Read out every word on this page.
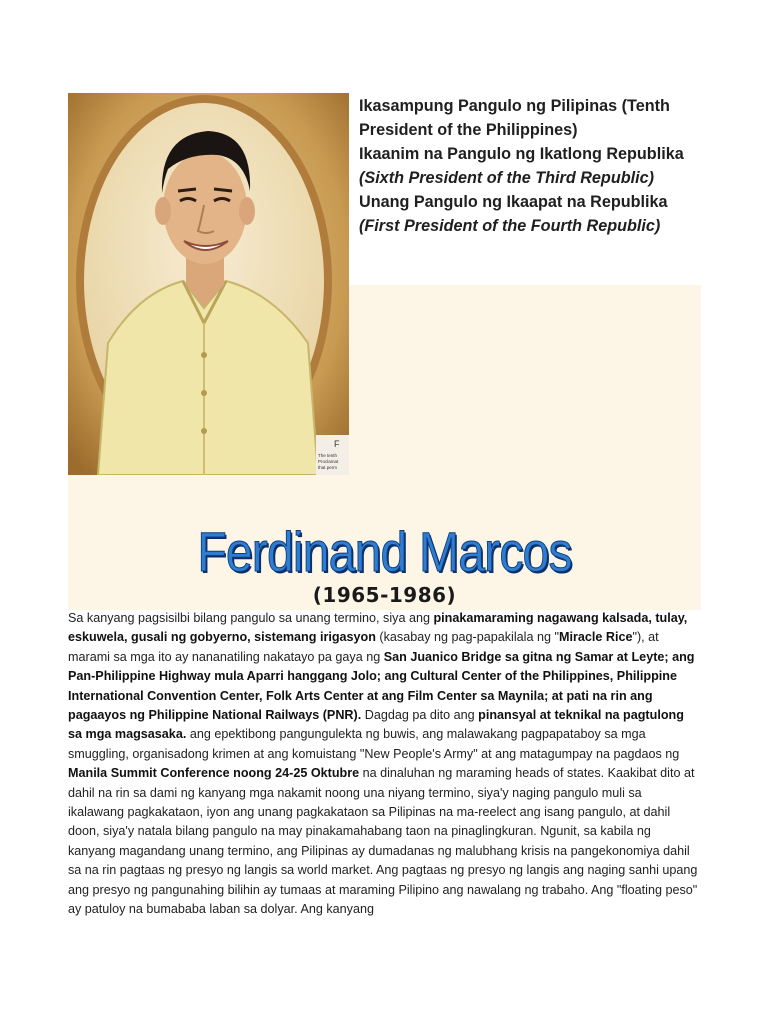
F
The tenth
Proclamat
that perm

Ikasampung Pangulo ng Pilipinas (Tenth President of the Philippines)

Ikaanim na Pangulo ng Ikatlong Republika (Sixth President of the Third Republic)

Unang Pangulo ng Ikaapat na Republika (First President of the Fourth Republic)

Ferdinand Marcos
(1965-1986)

Sa kanyang pagsisilbi bilang pangulo sa unang termino, siya ang pinakamaraming nagawang kalsada, tulay, eskuwela, gusali ng gobyerno, sistemang irigasyon (kasabay ng pag-papakilala ng "Miracle Rice"), at marami sa mga ito ay nananatiling nakatayo pa gaya ng San Juanico Bridge sa gitna ng Samar at Leyte; ang Pan-Philippine Highway mula Aparri hanggang Jolo; ang Cultural Center of the Philippines, Philippine International Convention Center, Folk Arts Center at ang Film Center sa Maynila; at pati na rin ang pagaayos ng Philippine National Railways (PNR). Dagdag pa dito ang pinansyal at teknikal na pagtulong sa mga magsasaka. ang epektibong pangungulekta ng buwis, ang malawakang pagpapataboy sa mga smuggling, organisadong krimen at ang komuistang "New People's Army" at ang matagumpay na pagdaos ng Manila Summit Conference noong 24-25 Oktubre na dinaluhan ng maraming heads of states. Kaakibat dito at dahil na rin sa dami ng kanyang mga nakamit noong una niyang termino, siya'y naging pangulo muli sa ikalawang pagkakataon, iyon ang unang pagkakataon sa Pilipinas na ma-reelect ang isang pangulo, at dahil doon, siya'y natala bilang pangulo na may pinakamahabang taon na pinaglingkuran. Ngunit, sa kabila ng kanyang magandang unang termino, ang Pilipinas ay dumadanas ng malubhang krisis na pangekonomiya dahil sa na rin pagtaas ng presyo ng langis sa world market. Ang pagtaas ng presyo ng langis ang naging sanhi upang ang presyo ng pangunahing bilihin ay tumaas at maraming Pilipino ang nawalang ng trabaho. Ang "floating peso" ay patuloy na bumababa laban sa dolyar. Ang kanyang
